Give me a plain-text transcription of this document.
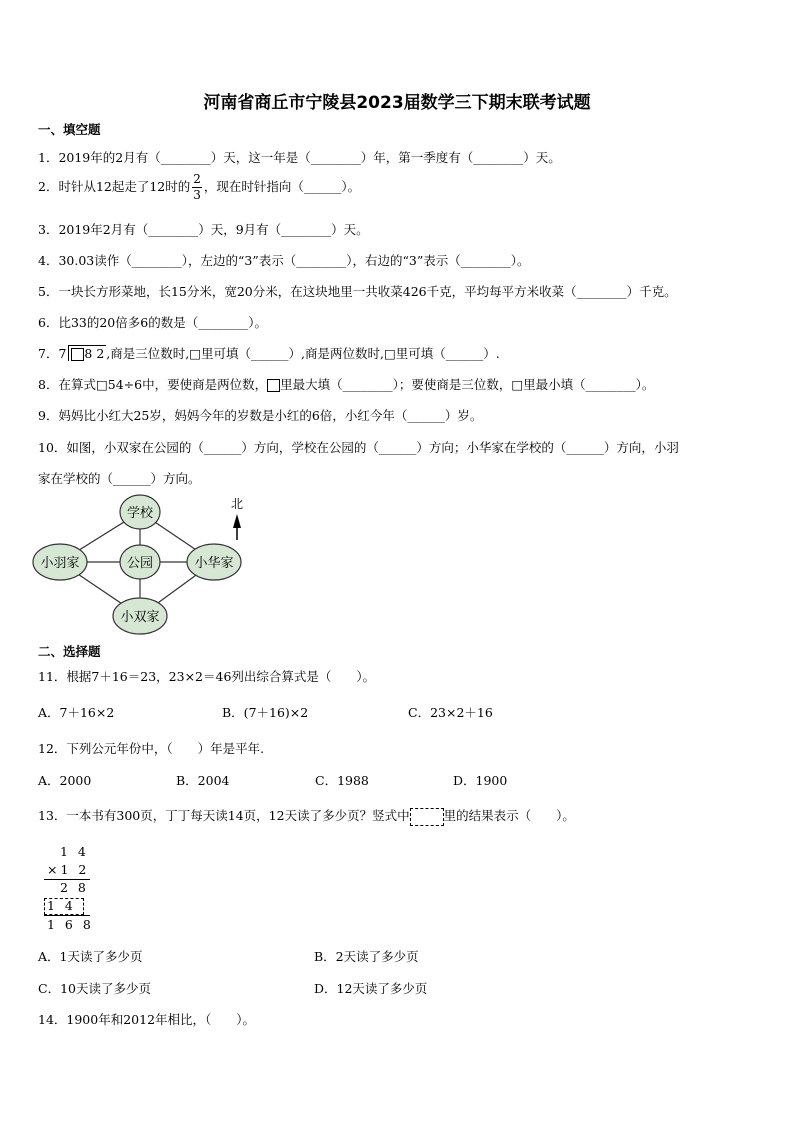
河南省商丘市宁陵县2023届数学三下期末联考试题
一、填空题
1．2019年的2月有（________）天，这一年是（________）年，第一季度有（________）天。
2．时针从12起走了12时的 $\frac{2}{3}$ ，现在时针指向（______）。
3．2019年2月有（________）天，9月有（________）天。
4．30.03读作（________），左边的“3”表示（________），右边的“3”表示（________）。
5．一块长方形菜地，长15分米，宽20分米，在这块地里一共收菜426千克，平均每平方米收菜（________）千克。
6．比33的20倍多6的数是（________）。
7．7 8 2 ,商是三位数时,□里可填（______）,商是两位数时,□里可填（______）.
8．在算式□54÷6中，要使商是两位数， 里最大填（________）；要使商是三位数，□里最小填（________）。
9．妈妈比小红大25岁，妈妈今年的岁数是小红的6倍，小红今年（______）岁。
10．如图，小双家在公园的（______）方向，学校在公园的（______）方向；小华家在学校的（______）方向，小羽
家在学校的（______）方向。
学校
公园
小羽家	小华家
小双家
北
二、选择题
11．根据7＋16＝23，23×2＝46列出综合算式是（　　）。
A．7＋16×2	B．(7＋16)×2	C．23×2＋16
12．下列公元年份中，（　　）年是平年.
A．2000	B．2004	C．1988	D．1900
13．一本书有300页，丁丁每天读14页，12天读了多少页？竖式中	里的结果表示（　　）。
1 4
×1 2
2 8
1 4
1 6 8
A．1天读了多少页	B．2天读了多少页
C．10天读了多少页	D．12天读了多少页
14．1900年和2012年相比，（　　）。
